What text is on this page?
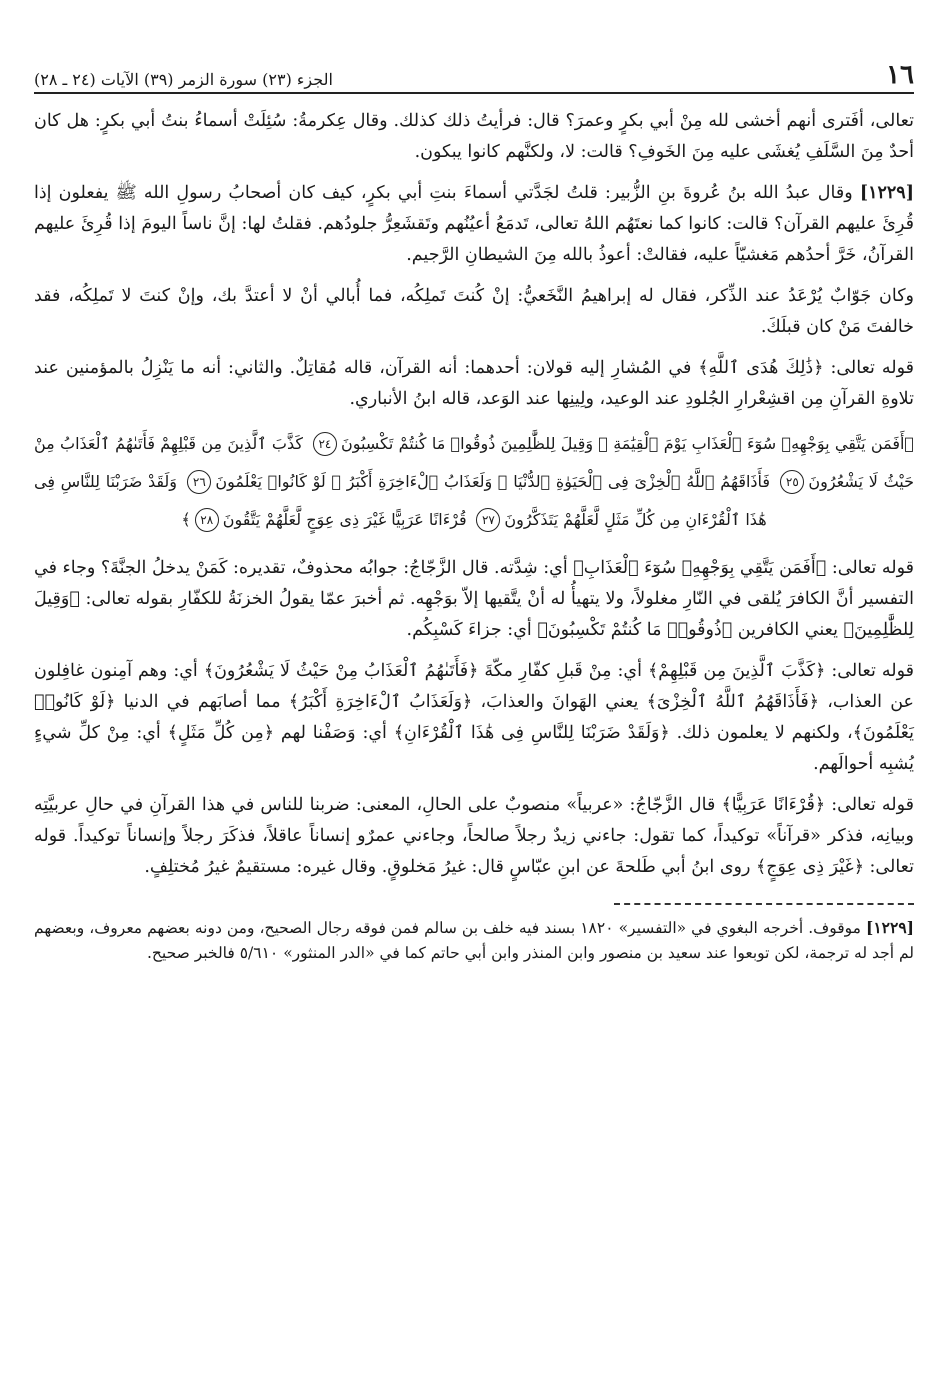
١٦
الجزء (٢٣) سورة الزمر (٣٩) الآيات (٢٤ ـ ٢٨)

تعالى، أفَترى أنهم أخشى لله مِنْ أبي بكرٍ وعمرَ؟ قال: فرأيتُ ذلك كذلك. وقال عِكرمةُ: سُئِلَتْ أسماءُ بنتُ أبي بكرٍ: هل كان أحدٌ مِنَ السَّلَفِ يُغشَى عليه مِنَ الخَوفِ؟ قالت: لا، ولكنَّهم كانوا يبكون.

[١٢٢٩] وقال عبدُ الله بنُ عُروةَ بنِ الزُّبير: قلتُ لجَدَّتي أسماءَ بنتِ أبي بكرٍ، كيف كان أصحابُ رسولِ الله ﷺ يفعلون إذا قُرِئَ عليهم القرآن؟ قالت: كانوا كما نعتَهُم اللهُ تعالى، تَدمَعُ أعيُنُهم وتَقشَعِرُّ جلودُهم. فقلتُ لها: إنَّ ناساً اليومَ إذا قُرِئَ عليهم القرآنُ، خَرَّ أحدُهم مَغشيّاً عليه، فقالتْ: أعوذُ بالله مِنَ الشيطانِ الرَّجيم.

وكان جَوّابٌ يُرْعَدُ عند الذِّكر، فقال له إبراهيمُ النَّخَعيُّ: إنْ كُنتَ تَملِكُه، فما أُبالي أنْ لا أعتدَّ بك، وإنْ كنتَ لا تَملِكُه، فقد خالفتَ مَنْ كان قبلَكَ.

قوله تعالى: ﴿ذَٰلِكَ هُدَى ٱللَّهِ﴾ في المُشارِ إليه قولان: أحدهما: أنه القرآن، قاله مُقاتِلٌ. والثاني: أنه ما يَنْزِلُ بالمؤمنين عند تلاوةِ القرآنِ مِن اقشِعْرارِ الجُلودِ عند الوعيد، ولِينِها عند الوَعد، قاله ابنُ الأنباري.

﴿أَفَمَن يَتَّقِي بِوَجْهِهِۦ سُوٓءَ ٱلْعَذَابِ يَوْمَ ٱلْقِيَٰمَةِ ۚ وَقِيلَ لِلظَّٰلِمِينَ ذُوقُوا۟ مَا كُنتُمْ تَكْسِبُونَ٢٤ كَذَّبَ ٱلَّذِينَ مِن قَبْلِهِمْ فَأَتَىٰهُمُ ٱلْعَذَابُ مِنْ حَيْثُ لَا يَشْعُرُونَ٢٥ فَأَذَاقَهُمُ ٱللَّهُ ٱلْخِزْىَ فِى ٱلْحَيَوٰةِ ٱلدُّنْيَا ۖ وَلَعَذَابُ ٱلْءَاخِرَةِ أَكْبَرُ ۚ لَوْ كَانُوا۟ يَعْلَمُونَ٢٦ وَلَقَدْ ضَرَبْنَا لِلنَّاسِ فِى هَٰذَا ٱلْقُرْءَانِ مِن كُلِّ مَثَلٍ لَّعَلَّهُمْ يَتَذَكَّرُونَ٢٧ قُرْءَانًا عَرَبِيًّا غَيْرَ ذِى عِوَجٍ لَّعَلَّهُمْ يَتَّقُونَ٢٨﴾

قوله تعالى: ﴿أَفَمَن يَتَّقِي بِوَجْهِهِۦ سُوٓءَ ٱلْعَذَابِ﴾ أي: شِدَّته. قال الزَّجّاجُ: جوابُه محذوفٌ، تقديره: كَمَنْ يدخلُ الجنَّةَ؟ وجاء في التفسير أنَّ الكافرَ يُلقى في النّارِ مغلولاً، ولا يتهيأُ له أنْ يتَّقيها إلاّ بوَجْهِه. ثم أخبرَ عمّا يقولُ الخزنَةُ للكفّارِ بقوله تعالى: ﴿وَقِيلَ لِلظَّٰلِمِينَ﴾ يعني الكافرين ﴿ذُوقُوا۟ مَا كُنتُمْ تَكْسِبُونَ﴾ أي: جزاءَ كَسْبِكُم.

قوله تعالى: ﴿كَذَّبَ ٱلَّذِينَ مِن قَبْلِهِمْ﴾ أي: مِنْ قَبلِ كفّارِ مكّةَ ﴿فَأَتَىٰهُمُ ٱلْعَذَابُ مِنْ حَيْثُ لَا يَشْعُرُونَ﴾ أي: وهم آمِنون غافِلون عن العذاب، ﴿فَأَذَاقَهُمُ ٱللَّهُ ٱلْخِزْىَ﴾ يعني الهَوانَ والعذابَ، ﴿وَلَعَذَابُ ٱلْءَاخِرَةِ أَكْبَرُ﴾ مما أصابَهم في الدنيا ﴿لَوْ كَانُوا۟ يَعْلَمُونَ﴾، ولكنهم لا يعلمون ذلك. ﴿وَلَقَدْ ضَرَبْنَا لِلنَّاسِ فِى هَٰذَا ٱلْقُرْءَانِ﴾ أي: وَصَفْنا لهم ﴿مِن كُلِّ مَثَلٍ﴾ أي: مِنْ كلِّ شيءٍ يُشبِه أحوالَهم.

قوله تعالى: ﴿قُرْءَانًا عَرَبِيًّا﴾ قال الزَّجّاجُ: «عربياً» منصوبٌ على الحالِ، المعنى: ضربنا للناس في هذا القرآنِ في حالِ عربيَّتِه وبيانِه، فذكر «قرآناً» توكيداً، كما تقول: جاءني زيدٌ رجلاً صالحاً، وجاءني عمرٌو إنساناً عاقلاً، فذكَرَ رجلاً وإنساناً توكيداً. قوله تعالى: ﴿غَيْرَ ذِى عِوَجٍ﴾ روى ابنُ أبي طَلحةَ عن ابنِ عبّاسٍ قال: غيرُ مَخلوقٍ. وقال غيره: مستقيمٌ غيرُ مُختلِفٍ.

[١٢٢٩] موقوف. أخرجه البغوي في «التفسير» ١٨٢٠ بسند فيه خلف بن سالم فمن فوقه رجال الصحيح، ومن دونه بعضهم معروف، وبعضهم لم أجد له ترجمة، لكن توبعوا عند سعيد بن منصور وابن المنذر وابن أبي حاتم كما في «الدر المنثور» ٥/٦١٠ فالخبر صحيح.
